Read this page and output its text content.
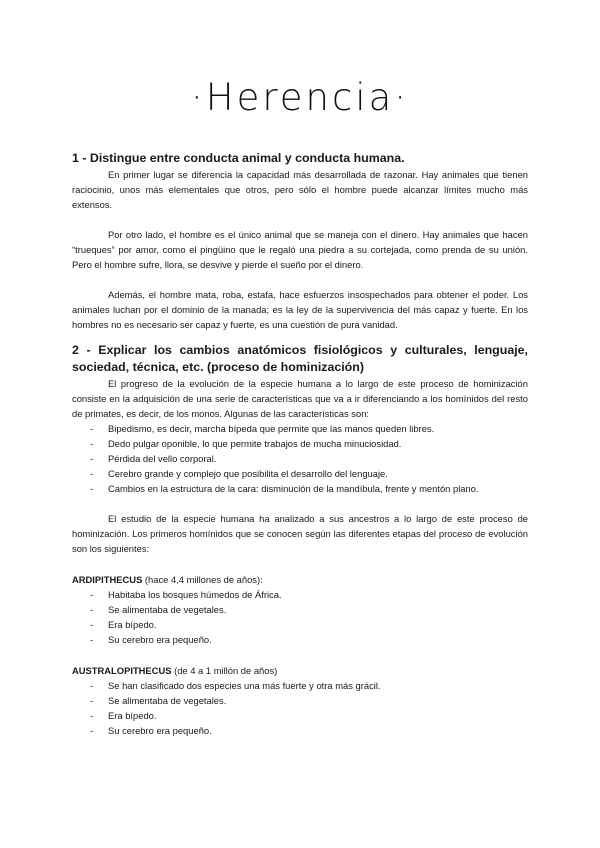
·Herencia·
1 - Distingue entre conducta animal y conducta humana.

En primer lugar se diferencia la capacidad más desarrollada de razonar. Hay animales que tienen raciocinio, unos más elementales que otros, pero sólo el hombre puede alcanzar límites mucho más extensos.

Por otro lado, el hombre es el único animal que se maneja con el dinero. Hay animales que hacen “trueques” por amor, como el pingüino que le regaló una piedra a su cortejada, como prenda de su unión. Pero el hombre sufre, llora, se desvive y pierde el sueño por el dinero.

Además, el hombre mata, roba, estafa, hace esfuerzos insospechados para obtener el poder. Los animales luchan por el dominio de la manada; es la ley de la supervivencia del más capaz y fuerte. En los hombres no es necesario ser capaz y fuerte, es una cuestión de pura vanidad.

2 - Explicar los cambios anatómicos fisiológicos y culturales, lenguaje, sociedad, técnica, etc. (proceso de hominización)

El progreso de la evolución de la especie humana a lo largo de este proceso de hominización consiste en la adquisición de una serie de características que va a ir diferenciando a los homínidos del resto de primates, es decir, de los monos. Algunas de las características son:

- Bipedismo, es decir, marcha bípeda que permite que las manos queden libres.
- Dedo pulgar oponible, lo que permite trabajos de mucha minuciosidad.
- Pérdida del vello corporal.
- Cerebro grande y complejo que posibilita el desarrollo del lenguaje.
- Cambios en la estructura de la cara: disminución de la mandíbula, frente y mentón plano.

El estudio de la especie humana ha analizado a sus ancestros a lo largo de este proceso de hominización. Los primeros homínidos que se conocen según las diferentes etapas del proceso de evolución son los siguientes:

ARDIPITHECUS (hace 4,4 millones de años):
- Habitaba los bosques húmedos de África.
- Se alimentaba de vegetales.
- Era bípedo.
- Su cerebro era pequeño.
AUSTRALOPITHECUS (de 4 a 1 millón de años)
- Se han clasificado dos especies una más fuerte y otra más grácil.
- Se alimentaba de vegetales.
- Era bípedo.
- Su cerebro era pequeño.
